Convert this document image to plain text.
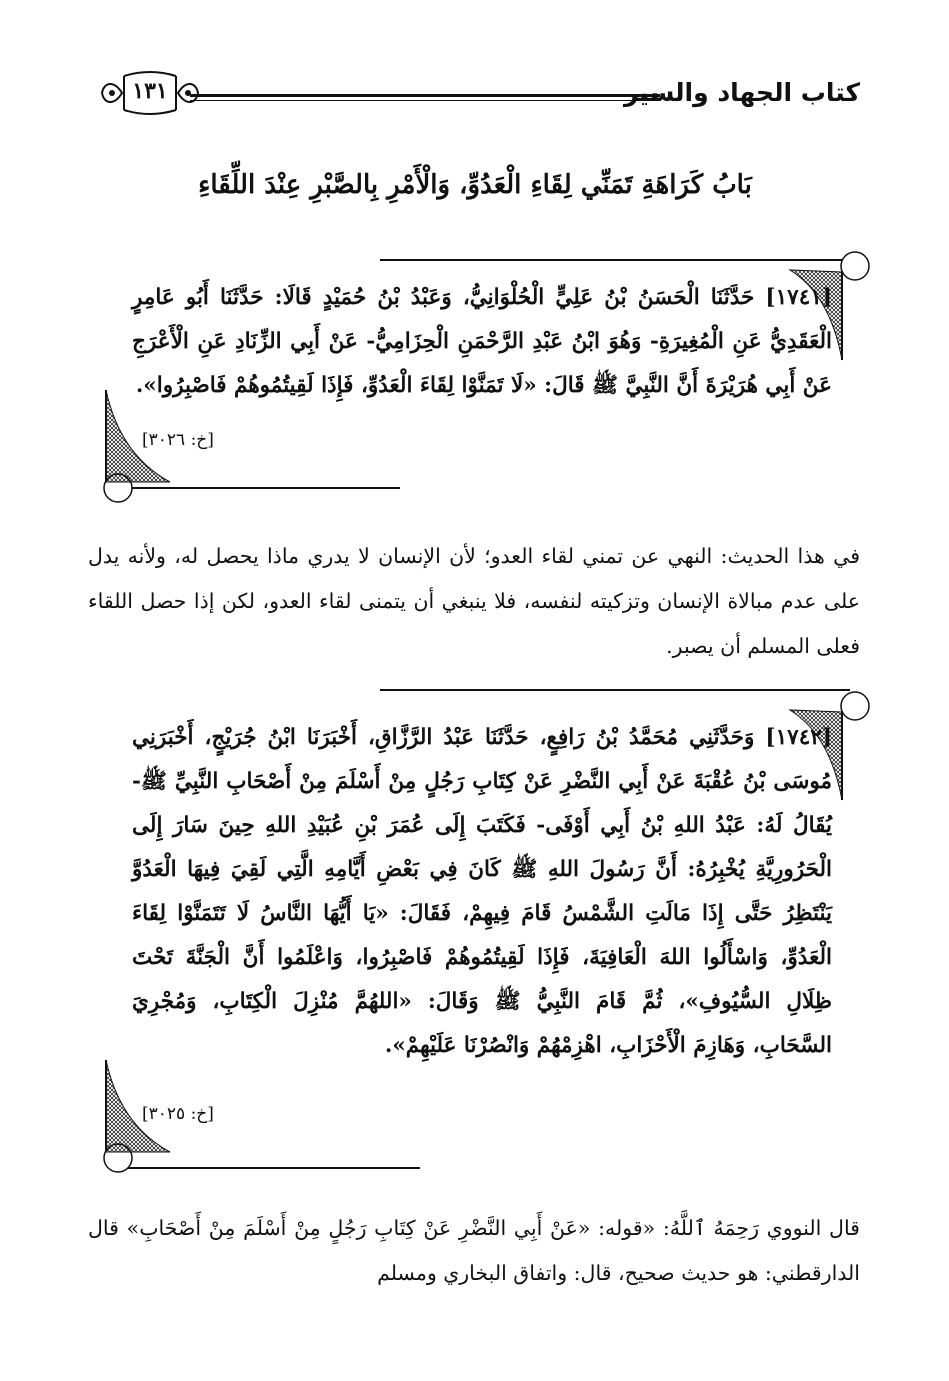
كتاب الجهاد والسير
١٣١
بَابُ كَرَاهَةِ تَمَنِّي لِقَاءِ الْعَدُوِّ، وَالْأَمْرِ بِالصَّبْرِ عِنْدَ اللِّقَاءِ

[١٧٤١] حَدَّثَنَا الْحَسَنُ بْنُ عَلِيٍّ الْحُلْوَانِيُّ، وَعَبْدُ بْنُ حُمَيْدٍ قَالَا: حَدَّثَنَا أَبُو عَامِرٍ الْعَقَدِيُّ عَنِ الْمُغِيرَةِ- وَهُوَ ابْنُ عَبْدِ الرَّحْمَنِ الْحِزَامِيُّ- عَنْ أَبِي الزِّنَادِ عَنِ الْأَعْرَجِ عَنْ أَبِي هُرَيْرَةَ أَنَّ النَّبِيَّ ﷺ قَالَ: «لَا تَمَنَّوْا لِقَاءَ الْعَدُوِّ، فَإِذَا لَقِيتُمُوهُمْ فَاصْبِرُوا».

[خ: ٣٠٢٦]

في هذا الحديث: النهي عن تمني لقاء العدو؛ لأن الإنسان لا يدري ماذا يحصل له، ولأنه يدل على عدم مبالاة الإنسان وتزكيته لنفسه، فلا ينبغي أن يتمنى لقاء العدو، لكن إذا حصل اللقاء فعلى المسلم أن يصبر.

[١٧٤٢] وَحَدَّثَنِي مُحَمَّدُ بْنُ رَافِعٍ، حَدَّثَنَا عَبْدُ الرَّزَّاقِ، أَخْبَرَنَا ابْنُ جُرَيْجٍ، أَخْبَرَنِي مُوسَى بْنُ عُقْبَةَ عَنْ أَبِي النَّضْرِ عَنْ كِتَابِ رَجُلٍ مِنْ أَسْلَمَ مِنْ أَصْحَابِ النَّبِيِّ ﷺ- يُقَالُ لَهُ: عَبْدُ اللهِ بْنُ أَبِي أَوْفَى- فَكَتَبَ إِلَى عُمَرَ بْنِ عُبَيْدِ اللهِ حِينَ سَارَ إِلَى الْحَرُورِيَّةِ يُخْبِرُهُ: أَنَّ رَسُولَ اللهِ ﷺ كَانَ فِي بَعْضِ أَيَّامِهِ الَّتِي لَقِيَ فِيهَا الْعَدُوَّ يَنْتَظِرُ حَتَّى إِذَا مَالَتِ الشَّمْسُ قَامَ فِيهِمْ، فَقَالَ: «يَا أَيُّهَا النَّاسُ لَا تَتَمَنَّوْا لِقَاءَ الْعَدُوِّ، وَاسْأَلُوا اللهَ الْعَافِيَةَ، فَإِذَا لَقِيتُمُوهُمْ فَاصْبِرُوا، وَاعْلَمُوا أَنَّ الْجَنَّةَ تَحْتَ ظِلَالِ السُّيُوفِ»، ثُمَّ قَامَ النَّبِيُّ ﷺ وَقَالَ: «اللهُمَّ مُنْزِلَ الْكِتَابِ، وَمُجْرِيَ السَّحَابِ، وَهَازِمَ الْأَحْزَابِ، اهْزِمْهُمْ وَانْصُرْنَا عَلَيْهِمْ».

[خ: ٣٠٢٥]

قال النووي رَحِمَهُ ٱللَّهُ: «قوله: «عَنْ أَبِي النَّضْرِ عَنْ كِتَابِ رَجُلٍ مِنْ أَسْلَمَ مِنْ أَصْحَابِ» قال الدارقطني: هو حديث صحيح، قال: واتفاق البخاري ومسلم
